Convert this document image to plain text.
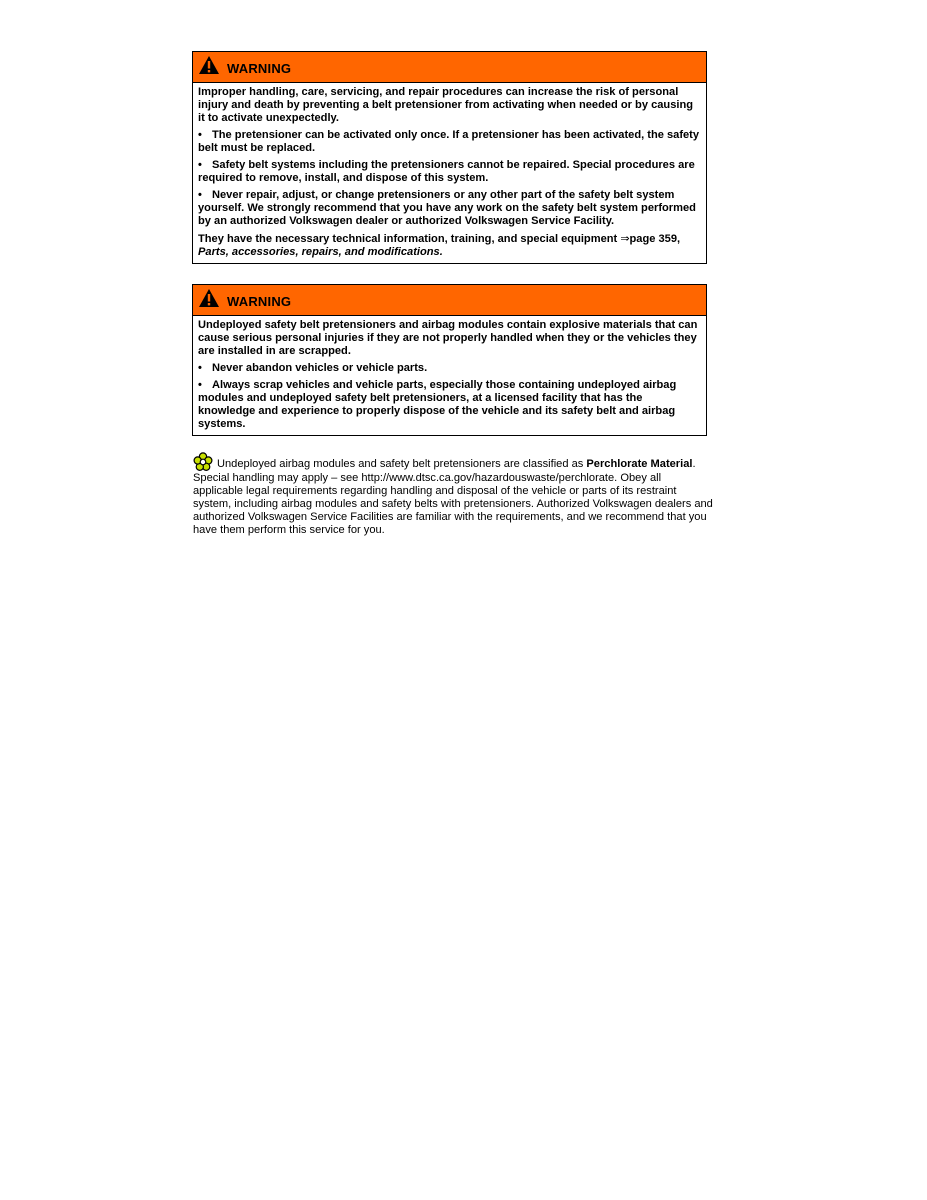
WARNING

Improper handling, care, servicing, and repair procedures can increase the risk of personal injury and death by preventing a belt pretensioner from activating when needed or by causing it to activate unexpectedly.

• The pretensioner can be activated only once. If a pretensioner has been activated, the safety belt must be replaced.

• Safety belt systems including the pretensioners cannot be repaired. Special procedures are required to remove, install, and dispose of this system.

• Never repair, adjust, or change pretensioners or any other part of the safety belt system yourself. We strongly recommend that you have any work on the safety belt system performed by an authorized Volkswagen dealer or authorized Volkswagen Service Facility.

They have the necessary technical information, training, and special equipment ⇒page 359,
Parts, accessories, repairs, and modifications.

WARNING

Undeployed safety belt pretensioners and airbag modules contain explosive materials that can cause serious personal injuries if they are not properly handled when they or the vehicles they are installed in are scrapped.

• Never abandon vehicles or vehicle parts.

• Always scrap vehicles and vehicle parts, especially those containing undeployed airbag modules and undeployed safety belt pretensioners, at a licensed facility that has the knowledge and experience to properly dispose of the vehicle and its safety belt and airbag systems.

Undeployed airbag modules and safety belt pretensioners are classified as Perchlorate Material. Special handling may apply – see http://www.dtsc.ca.gov/hazardouswaste/perchlorate. Obey all applicable legal requirements regarding handling and disposal of the vehicle or parts of its restraint system, including airbag modules and safety belts with pretensioners. Authorized Volkswagen dealers and authorized Volkswagen Service Facilities are familiar with the requirements, and we recommend that you have them perform this service for you.
